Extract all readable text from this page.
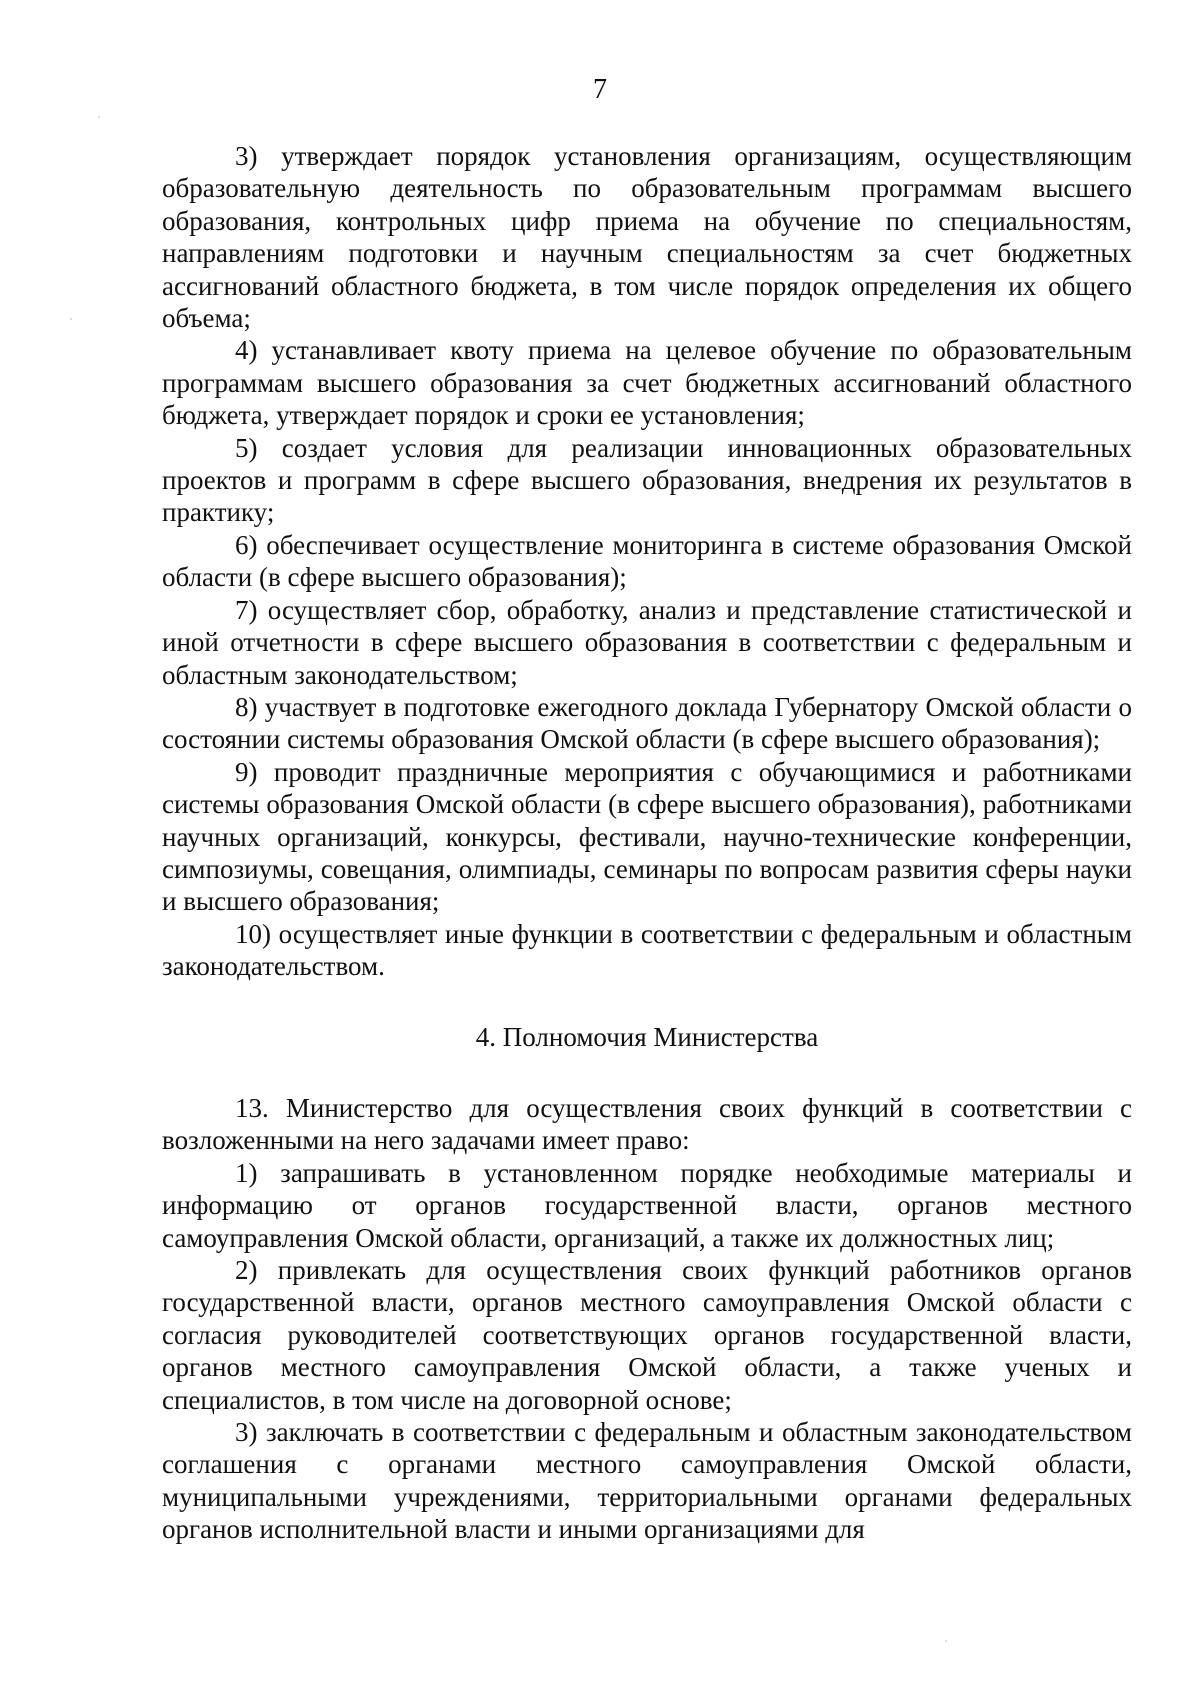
7

3) утверждает порядок установления организациям, осуществляющим образовательную деятельность по образовательным программам высшего образования, контрольных цифр приема на обучение по специальностям, направлениям подготовки и научным специальностям за счет бюджетных ассигнований областного бюджета, в том числе порядок определения их общего объема;

4) устанавливает квоту приема на целевое обучение по образовательным программам высшего образования за счет бюджетных ассигнований областного бюджета, утверждает порядок и сроки ее установления;

5) создает условия для реализации инновационных образовательных проектов и программ в сфере высшего образования, внедрения их результатов в практику;

6) обеспечивает осуществление мониторинга в системе образования Омской области (в сфере высшего образования);

7) осуществляет сбор, обработку, анализ и представление статистической и иной отчетности в сфере высшего образования в соответствии с федеральным и областным законодательством;

8) участвует в подготовке ежегодного доклада Губернатору Омской области о состоянии системы образования Омской области (в сфере высшего образования);

9) проводит праздничные мероприятия с обучающимися и работниками системы образования Омской области (в сфере высшего образования), работниками научных организаций, конкурсы, фестивали, научно-технические конференции, симпозиумы, совещания, олимпиады, семинары по вопросам развития сферы науки и высшего образования;

10) осуществляет иные функции в соответствии с федеральным и областным законодательством.

4. Полномочия Министерства

13. Министерство для осуществления своих функций в соответствии с возложенными на него задачами имеет право:

1) запрашивать в установленном порядке необходимые материалы и информацию от органов государственной власти, органов местного самоуправления Омской области, организаций, а также их должностных лиц;

2) привлекать для осуществления своих функций работников органов государственной власти, органов местного самоуправления Омской области с согласия руководителей соответствующих органов государственной власти, органов местного самоуправления Омской области, а также ученых и специалистов, в том числе на договорной основе;

3) заключать в соответствии с федеральным и областным законодательством соглашения с органами местного самоуправления Омской области, муниципальными учреждениями, территориальными органами федеральных органов исполнительной власти и иными организациями для
